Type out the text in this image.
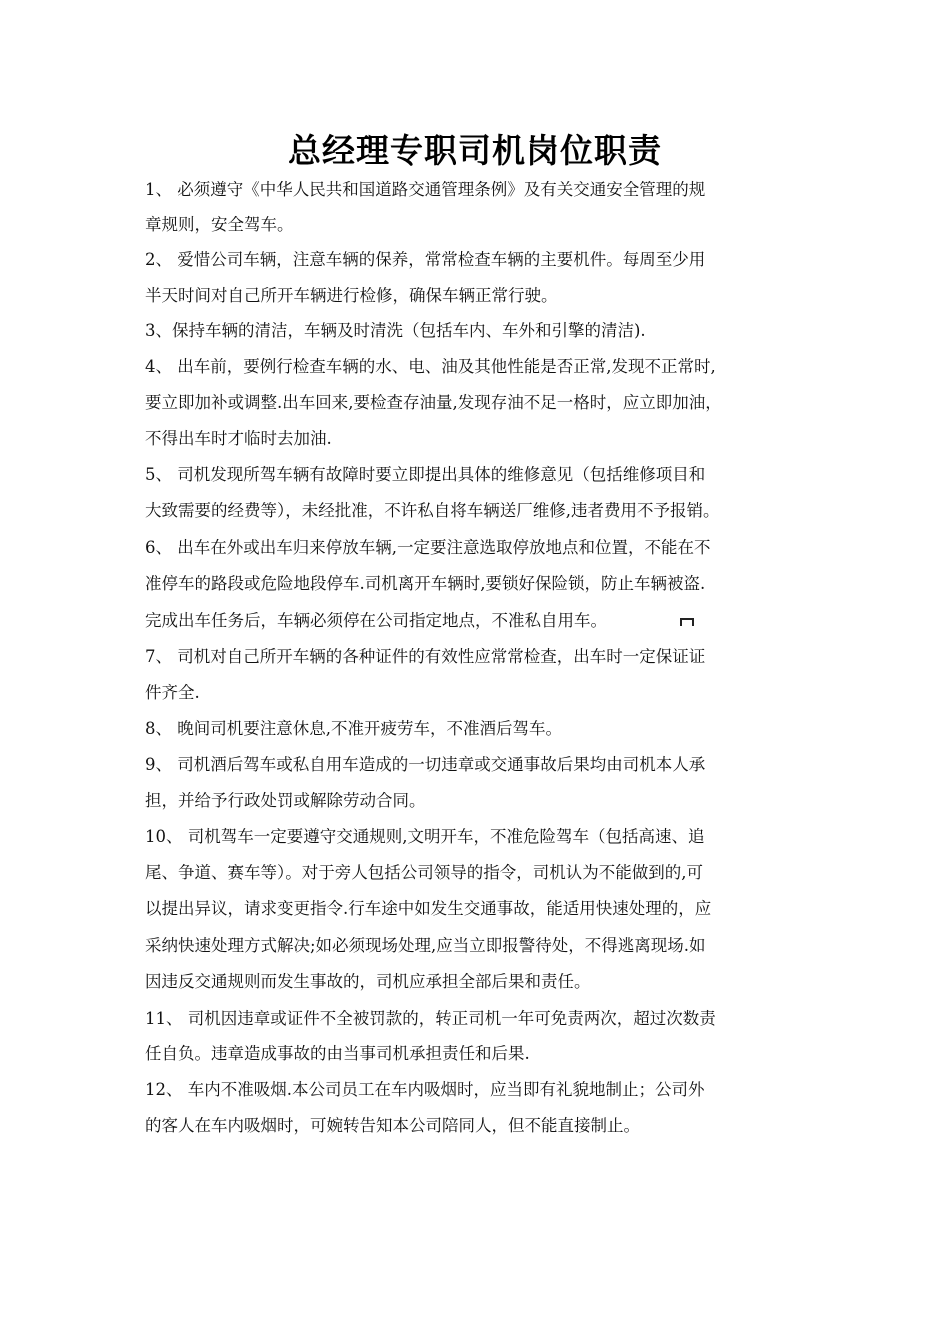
总经理专职司机岗位职责
1、 必须遵守《中华人民共和国道路交通管理条例》及有关交通安全管理的规
章规则，安全驾车。
2、 爱惜公司车辆，注意车辆的保养，常常检查车辆的主要机件。每周至少用
半天时间对自己所开车辆进行检修，确保车辆正常行驶。
3、保持车辆的清洁，车辆及时清洗（包括车内、车外和引擎的清洁).
4、 出车前，要例行检查车辆的水、电、油及其他性能是否正常,发现不正常时,
要立即加补或调整.出车回来,要检查存油量,发现存油不足一格时，应立即加油，
不得出车时才临时去加油.
5、 司机发现所驾车辆有故障时要立即提出具体的维修意见（包括维修项目和
大致需要的经费等），未经批准，不许私自将车辆送厂维修,违者费用不予报销。
6、 出车在外或出车归来停放车辆,一定要注意选取停放地点和位置，不能在不
准停车的路段或危险地段停车.司机离开车辆时,要锁好保险锁，防止车辆被盗.
完成出车任务后，车辆必须停在公司指定地点，不准私自用车。
7、 司机对自己所开车辆的各种证件的有效性应常常检查，出车时一定保证证
件齐全.
8、 晚间司机要注意休息,不准开疲劳车，不准酒后驾车。
9、 司机酒后驾车或私自用车造成的一切违章或交通事故后果均由司机本人承
担，并给予行政处罚或解除劳动合同。
10、 司机驾车一定要遵守交通规则,文明开车，不准危险驾车（包括高速、追
尾、争道、赛车等）。对于旁人包括公司领导的指令，司机认为不能做到的,可
以提出异议，请求变更指令.行车途中如发生交通事故，能适用快速处理的，应
采纳快速处理方式解决;如必须现场处理,应当立即报警待处，不得逃离现场.如
因违反交通规则而发生事故的，司机应承担全部后果和责任。
11、 司机因违章或证件不全被罚款的，转正司机一年可免责两次，超过次数责
任自负。违章造成事故的由当事司机承担责任和后果.
12、 车内不准吸烟.本公司员工在车内吸烟时，应当即有礼貌地制止；公司外
的客人在车内吸烟时，可婉转告知本公司陪同人，但不能直接制止。
